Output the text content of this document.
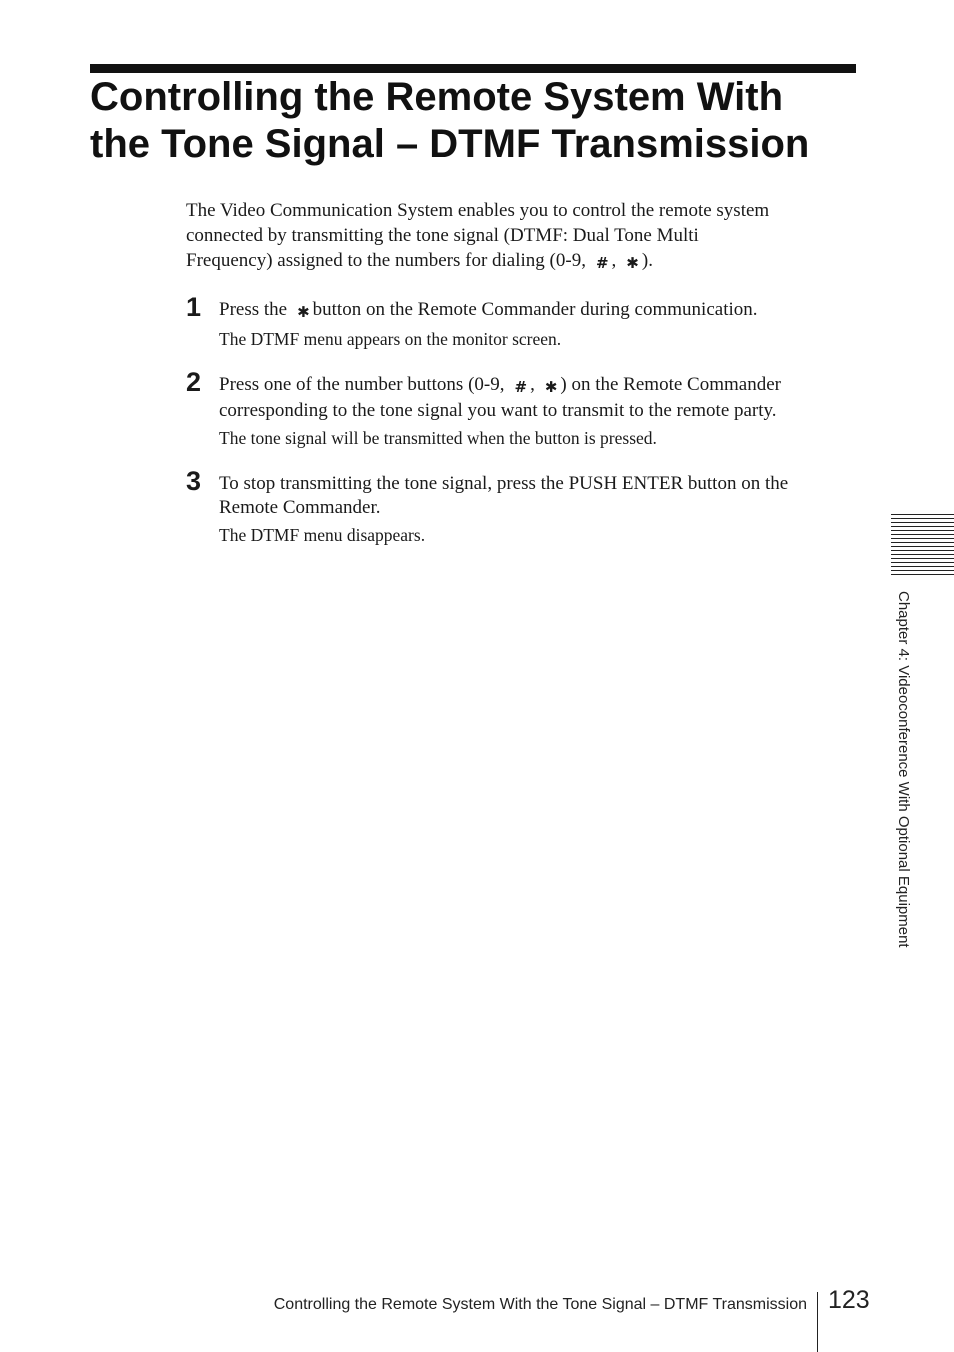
Controlling the Remote System With
the Tone Signal – DTMF Transmission

The Video Communication System enables you to control the remote system
connected by transmitting the tone signal (DTMF: Dual Tone Multi
Frequency) assigned to the numbers for dialing (0-9, # , ✱ ).

1 Press the ✱ button on the Remote Commander during communication.

The DTMF menu appears on the monitor screen.

2 Press one of the number buttons (0-9, # , ✱ ) on the Remote Commander
corresponding to the tone signal you want to transmit to the remote party.

The tone signal will be transmitted when the button is pressed.

3 To stop transmitting the tone signal, press the PUSH ENTER button on the
Remote Commander.

The DTMF menu disappears.

Chapter 4: Videoconference With Optional Equipment
Controlling the Remote System With the Tone Signal – DTMF Transmission 123
